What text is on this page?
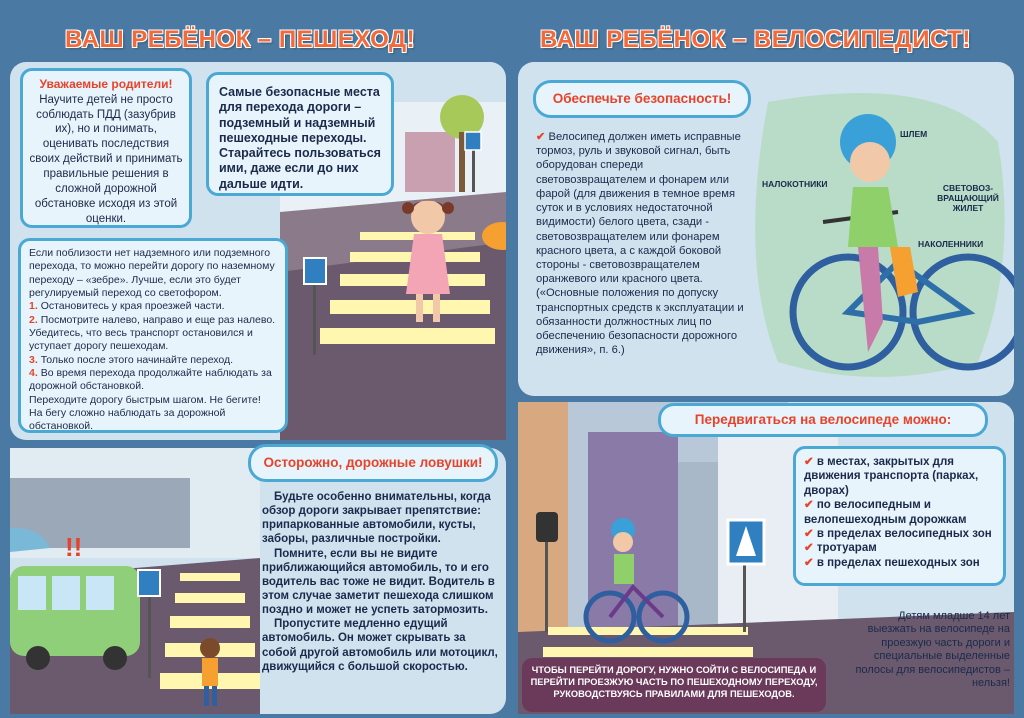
ВАШ РЕБЁНОК – ПЕШЕХОД!	ВАШ РЕБЁНОК – ВЕЛОСИПЕДИСТ!
Уважаемые родители!
Научите детей не просто соблюдать ПДД (зазубрив их), но и понимать, оценивать последствия своих действий и принимать правильные решения в сложной дорожной обстановке исходя из этой оценки.
Самые безопасные места для перехода дороги – подземный и надземный пешеходные переходы. Старайтесь пользоваться ими, даже если до них дальше идти.
Если поблизости нет надземного или подземного перехода, то можно перейти дорогу по наземному переходу – «зебре». Лучше, если это будет регулируемый переход со светофором.
1. Остановитесь у края проезжей части.
2. Посмотрите налево, направо и еще раз налево. Убедитесь, что весь транспорт остановился и уступает дорогу пешеходам.
3. Только после этого начинайте переход.
4. Во время перехода продолжайте наблюдать за дорожной обстановкой.
Переходите дорогу быстрым шагом. Не бегите! На бегу сложно наблюдать за дорожной обстановкой.
!!
Осторожно, дорожные ловушки!
Будьте особенно внимательны, когда обзор дороги закрывает препятствие: припаркованные автомобили, кусты, заборы, различные постройки.
Помните, если вы не видите приближающийся автомобиль, то и его водитель вас тоже не видит. Водитель в этом случае заметит пешехода слишком поздно и может не успеть затормозить.
Пропустите медленно едущий автомобиль. Он может скрывать за собой другой автомобиль или мотоцикл, движущийся с большой скоростью.
Обеспечьте безопасность!
✔ Велосипед должен иметь исправные тормоз, руль и звуковой сигнал, быть оборудован спереди световозвращателем и фонарем или фарой (для движения в темное время суток и в условиях недостаточной видимости) белого цвета, сзади - световозвращателем или фонарем красного цвета, а с каждой боковой стороны - световозвращателем оранжевого или красного цвета. («Основные положения по допуску транспортных средств к эксплуатации и обязанности должностных лиц по обеспечению безопасности дорожного движения», п. 6.)
ШЛЕМ
НАЛОКОТНИКИ	СВЕТОВОЗ-
ВРАЩАЮЩИЙ
ЖИЛЕТ
НАКОЛЕННИКИ
Передвигаться на велосипеде можно:
✔ в местах, закрытых для движения транспорта (парках, дворах)
✔ по велосипедным и велопешеходным дорожкам
✔ в пределах велосипедных зон
✔ тротуарам
✔ в пределах пешеходных зон
Детям младше 14 лет выезжать на велосипеде на проезжую часть дороги и специальные выделенные полосы для велосипедистов – нельзя!
ЧТОБЫ ПЕРЕЙТИ ДОРОГУ, НУЖНО СОЙТИ С ВЕЛОСИПЕДА И ПЕРЕЙТИ ПРОЕЗЖУЮ ЧАСТЬ ПО ПЕШЕХОДНОМУ ПЕРЕХОДУ, РУКОВОДСТВУЯСЬ ПРАВИЛАМИ ДЛЯ ПЕШЕХОДОВ.
